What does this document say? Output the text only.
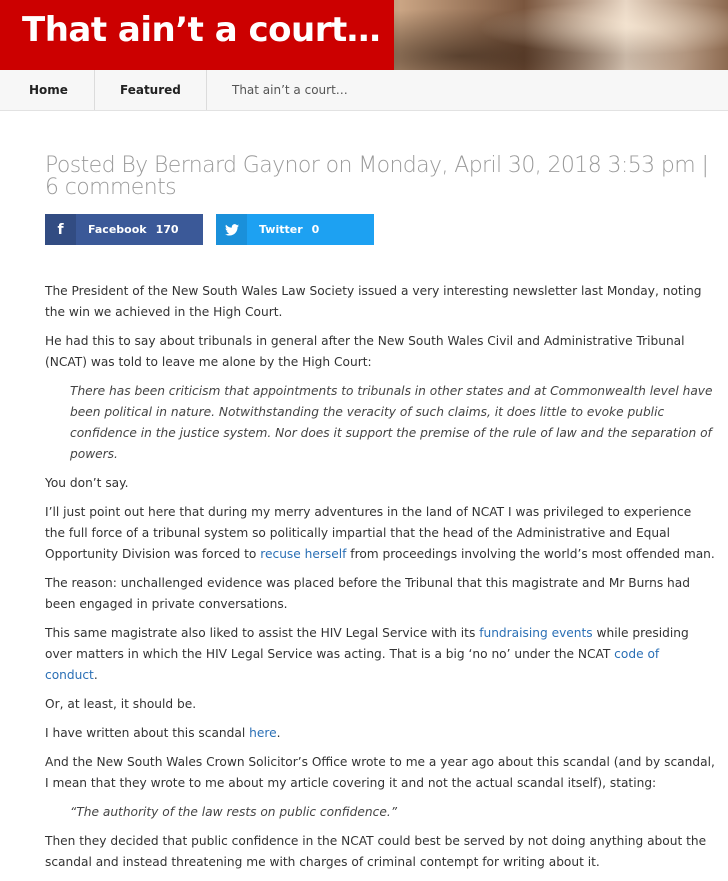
That ain’t a court…
Home	Featured	That ain’t a court…
Posted By Bernard Gaynor on Monday, April 30, 2018 3:53 pm | 6 comments
f	Facebook 170	Twitter 0

The President of the New South Wales Law Society issued a very interesting newsletter last Monday, noting the win we achieved in the High Court.

He had this to say about tribunals in general after the New South Wales Civil and Administrative Tribunal (NCAT) was told to leave me alone by the High Court:

There has been criticism that appointments to tribunals in other states and at Commonwealth level have been political in nature. Notwithstanding the veracity of such claims, it does little to evoke public confidence in the justice system. Nor does it support the premise of the rule of law and the separation of powers.

You don’t say.

I’ll just point out here that during my merry adventures in the land of NCAT I was privileged to experience the full force of a tribunal system so politically impartial that the head of the Administrative and Equal Opportunity Division was forced to recuse herself from proceedings involving the world’s most offended man.

The reason: unchallenged evidence was placed before the Tribunal that this magistrate and Mr Burns had been engaged in private conversations.

This same magistrate also liked to assist the HIV Legal Service with its fundraising events while presiding over matters in which the HIV Legal Service was acting. That is a big ‘no no’ under the NCAT code of conduct.

Or, at least, it should be.

I have written about this scandal here.

And the New South Wales Crown Solicitor’s Office wrote to me a year ago about this scandal (and by scandal, I mean that they wrote to me about my article covering it and not the actual scandal itself), stating:

“The authority of the law rests on public confidence.”

Then they decided that public confidence in the NCAT could best be served by not doing anything about the scandal and instead threatening me with charges of criminal contempt for writing about it.
